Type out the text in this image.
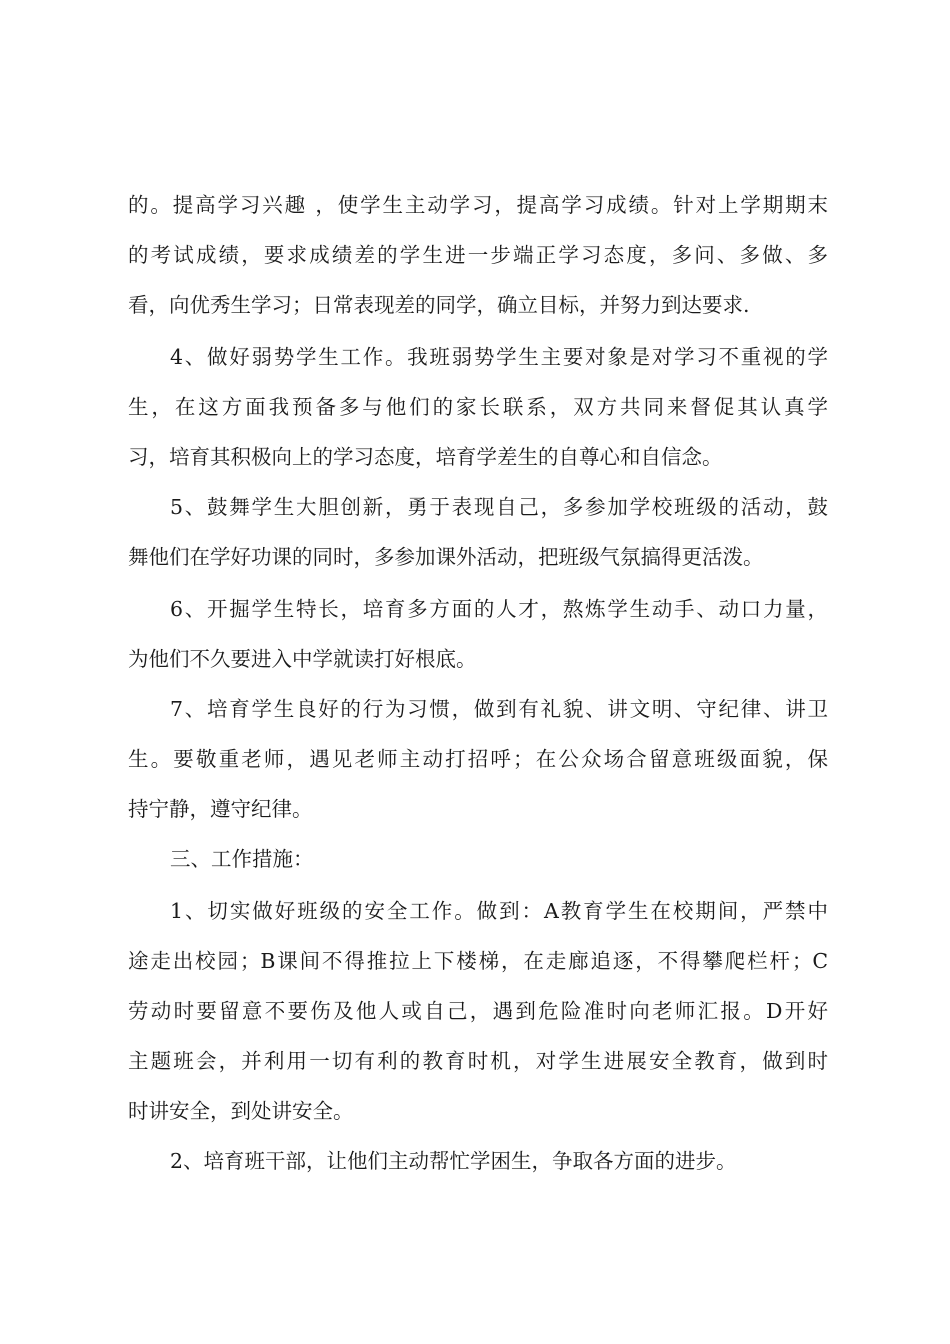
的。提高学习兴趣 ，使学生主动学习，提高学习成绩。针对上学期期末
的考试成绩，要求成绩差的学生进一步端正学习态度，多问、多做、多
看，向优秀生学习；日常表现差的同学，确立目标，并努力到达要求.
4、做好弱势学生工作。我班弱势学生主要对象是对学习不重视的学
生，在这方面我预备多与他们的家长联系，双方共同来督促其认真学
习，培育其积极向上的学习态度，培育学差生的自尊心和自信念。
5、鼓舞学生大胆创新，勇于表现自己，多参加学校班级的活动，鼓
舞他们在学好功课的同时，多参加课外活动，把班级气氛搞得更活泼。
6、开掘学生特长，培育多方面的人才，熬炼学生动手、动口力量，
为他们不久要进入中学就读打好根底。
7、培育学生良好的行为习惯，做到有礼貌、讲文明、守纪律、讲卫
生。要敬重老师，遇见老师主动打招呼；在公众场合留意班级面貌，保
持宁静，遵守纪律。
三、工作措施：
1、切实做好班级的安全工作。做到：A教育学生在校期间，严禁中
途走出校园；B课间不得推拉上下楼梯，在走廊追逐，不得攀爬栏杆；C
劳动时要留意不要伤及他人或自己，遇到危险准时向老师汇报。D开好
主题班会，并利用一切有利的教育时机，对学生进展安全教育，做到时
时讲安全，到处讲安全。
2、培育班干部，让他们主动帮忙学困生，争取各方面的进步。
